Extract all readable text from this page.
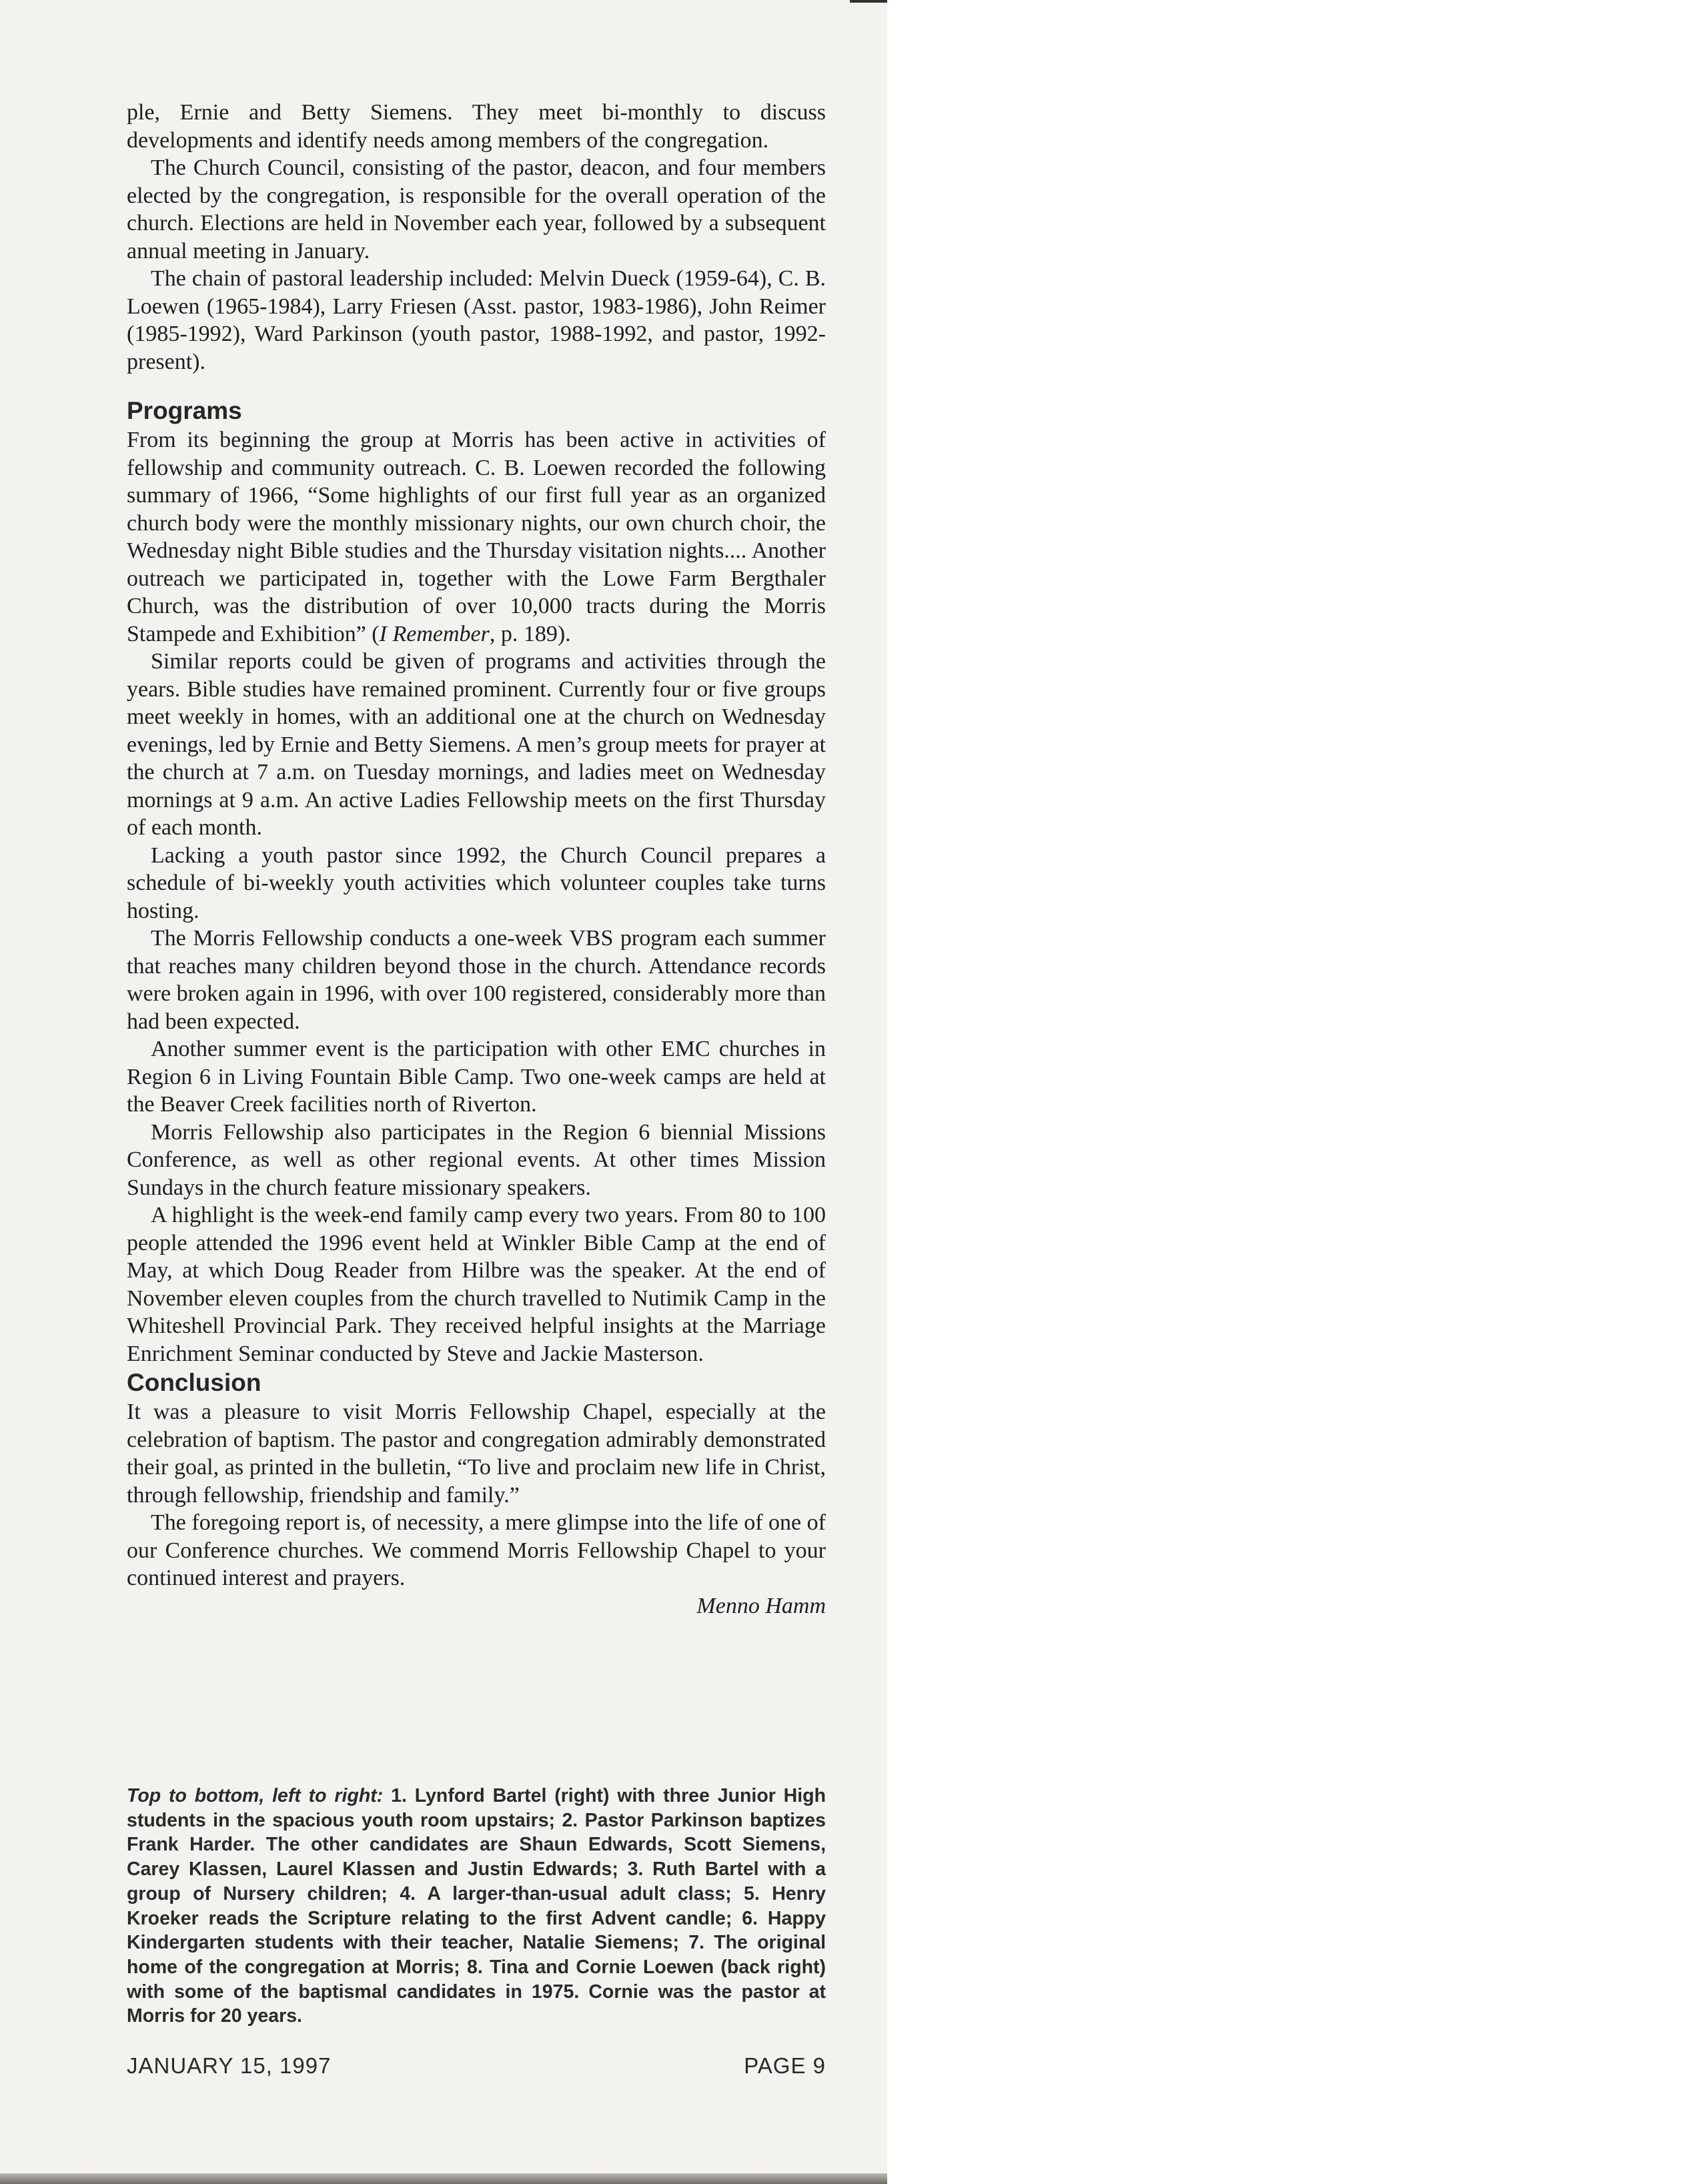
ple, Ernie and Betty Siemens. They meet bi-monthly to discuss developments and identify needs among members of the congregation.

The Church Council, consisting of the pastor, deacon, and four members elected by the congregation, is responsible for the overall operation of the church. Elections are held in November each year, followed by a subsequent annual meeting in January.

The chain of pastoral leadership included: Melvin Dueck (1959-64), C. B. Loewen (1965-1984), Larry Friesen (Asst. pastor, 1983-1986), John Reimer (1985-1992), Ward Parkinson (youth pastor, 1988-1992, and pastor, 1992-present).

Programs

From its beginning the group at Morris has been active in activities of fellowship and community outreach. C. B. Loewen recorded the following summary of 1966, “Some highlights of our first full year as an organized church body were the monthly missionary nights, our own church choir, the Wednesday night Bible studies and the Thursday visitation nights.... Another outreach we participated in, together with the Lowe Farm Bergthaler Church, was the distribution of over 10,000 tracts during the Morris Stampede and Exhibition” (I Remember, p. 189).

Similar reports could be given of programs and activities through the years. Bible studies have remained prominent. Currently four or five groups meet weekly in homes, with an additional one at the church on Wednesday evenings, led by Ernie and Betty Siemens. A men’s group meets for prayer at the church at 7 a.m. on Tuesday mornings, and ladies meet on Wednesday mornings at 9 a.m. An active Ladies Fellowship meets on the first Thursday of each month.

Lacking a youth pastor since 1992, the Church Council prepares a schedule of bi-weekly youth activities which volunteer couples take turns hosting.

The Morris Fellowship conducts a one-week VBS program each summer that reaches many children beyond those in the church. Attendance records were broken again in 1996, with over 100 registered, considerably more than had been expected.

Another summer event is the participation with other EMC churches in Region 6 in Living Fountain Bible Camp. Two one-week camps are held at the Beaver Creek facilities north of Riverton.

Morris Fellowship also participates in the Region 6 biennial Missions Conference, as well as other regional events. At other times Mission Sundays in the church feature missionary speakers.

A highlight is the week-end family camp every two years. From 80 to 100 people attended the 1996 event held at Winkler Bible Camp at the end of May, at which Doug Reader from Hilbre was the speaker. At the end of November eleven couples from the church travelled to Nutimik Camp in the Whiteshell Provincial Park. They received helpful insights at the Marriage Enrichment Seminar conducted by Steve and Jackie Masterson.

Conclusion

It was a pleasure to visit Morris Fellowship Chapel, especially at the celebration of baptism. The pastor and congregation admirably demonstrated their goal, as printed in the bulletin, “To live and proclaim new life in Christ, through fellowship, friendship and family.”

The foregoing report is, of necessity, a mere glimpse into the life of one of our Conference churches. We commend Morris Fellowship Chapel to your continued interest and prayers.

Menno Hamm
Top to bottom, left to right: 1. Lynford Bartel (right) with three Junior High students in the spacious youth room upstairs; 2. Pastor Parkinson baptizes Frank Harder. The other candidates are Shaun Edwards, Scott Siemens, Carey Klassen, Laurel Klassen and Justin Edwards; 3. Ruth Bartel with a group of Nursery children; 4. A larger-than-usual adult class; 5. Henry Kroeker reads the Scripture relating to the first Advent candle; 6. Happy Kindergarten students with their teacher, Natalie Siemens; 7. The original home of the congregation at Morris; 8. Tina and Cornie Loewen (back right) with some of the baptismal candidates in 1975. Cornie was the pastor at Morris for 20 years.
JANUARY 15, 1997	PAGE 9
